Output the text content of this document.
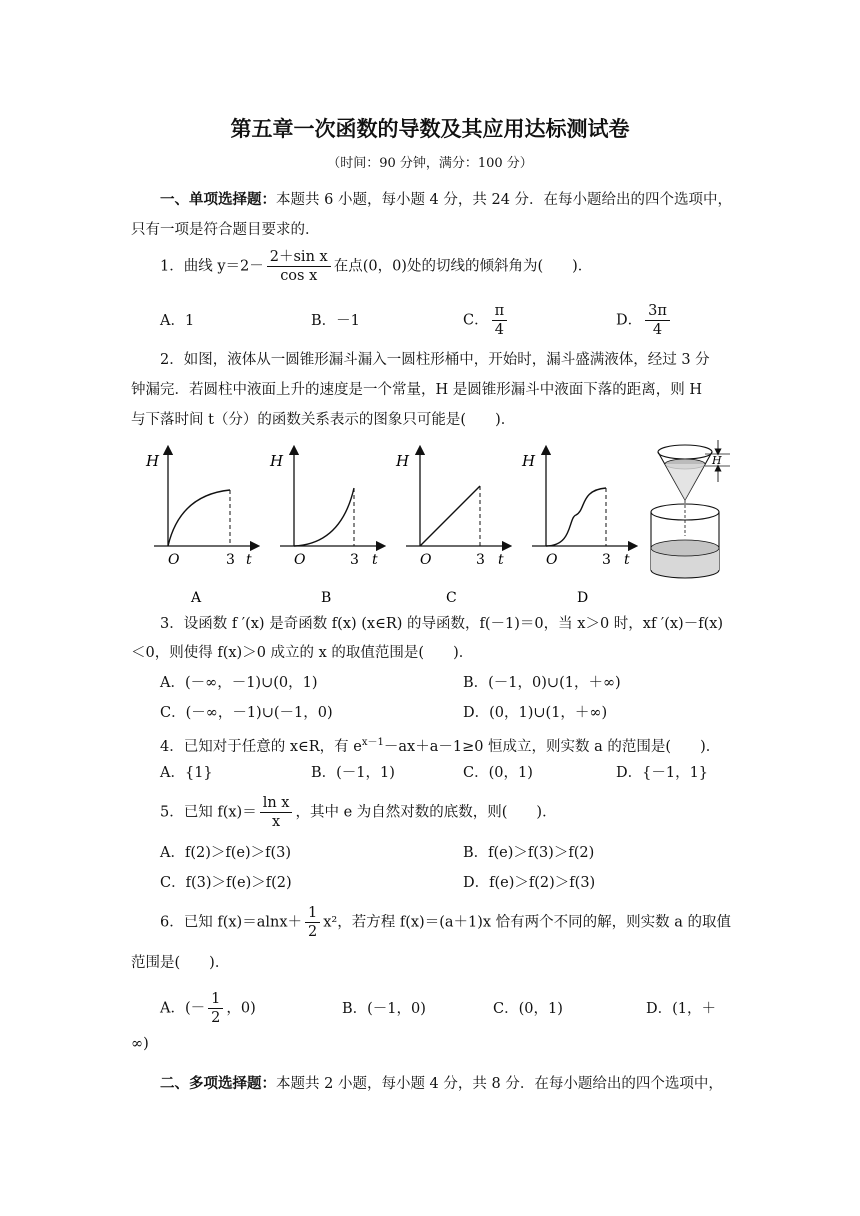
第五章一次函数的导数及其应用达标测试卷
（时间：90 分钟，满分：100 分）
一、单项选择题：本题共 6 小题，每小题 4 分，共 24 分．在每小题给出的四个选项中，
只有一项是符合题目要求的．
1．曲线 $y=2- \frac{\text{2＋sin x}}{\text{cos x}}$ 在点(0，0)处的切线的倾斜角为(　　)．
A．1	B．－1	C． $\frac{\pi}{4}$	D． $\frac{3\pi}{4}$
2．如图，液体从一圆锥形漏斗漏入一圆柱形桶中，开始时，漏斗盛满液体，经过 3 分
钟漏完．若圆柱中液面上升的速度是一个常量，H 是圆锥形漏斗中液面下落的距离，则 H
与下落时间 t（分）的函数关系表示的图象只可能是(　　)．
H
t
O	3
A
H
t
O	3
B
H
t
O	3
C
H
t
O	3
D
H
3．设函数 f ′(x) 是奇函数 f(x) (x∈R) 的导函数，f(－1)＝0，当 x＞0 时，xf ′(x)－f(x)
＜0，则使得 f(x)＞0 成立的 x 的取值范围是(　　)．
A．(－∞，－1)∪(0，1)	B．(－1，0)∪(1，＋∞)
C．(－∞，－1)∪(－1，0)	D．(0，1)∪(1，＋∞)
4．已知对于任意的 x∈R，有 $e^{x-1}-ax+a-1\ge 0$ 恒成立，则实数 a 的范围是(　　)．
A．{1}	B．(－1，1)	C．(0，1)	D．{－1，1}
5．已知 $f(x)= \frac{\text{ln x}}{x}$ ，其中 e 为自然对数的底数，则(　　)．
A．f(2)＞f(e)＞f(3)	B．f(e)＞f(3)＞f(2)
C．f(3)＞f(e)＞f(2)	D．f(e)＞f(2)＞f(3)
6．已知 $f(x)=alnx+ \frac{1}{2} x^2$，若方程 f(x)＝(a＋1)x 恰有两个不同的解，则实数 a 的取值
范围是(　　)．
A．(－ $\frac{1}{2}$ ，0)	B．(－1，0)	C．(0，1)	D．(1，＋
∞)
二、多项选择题：本题共 2 小题，每小题 4 分，共 8 分．在每小题给出的四个选项中，
